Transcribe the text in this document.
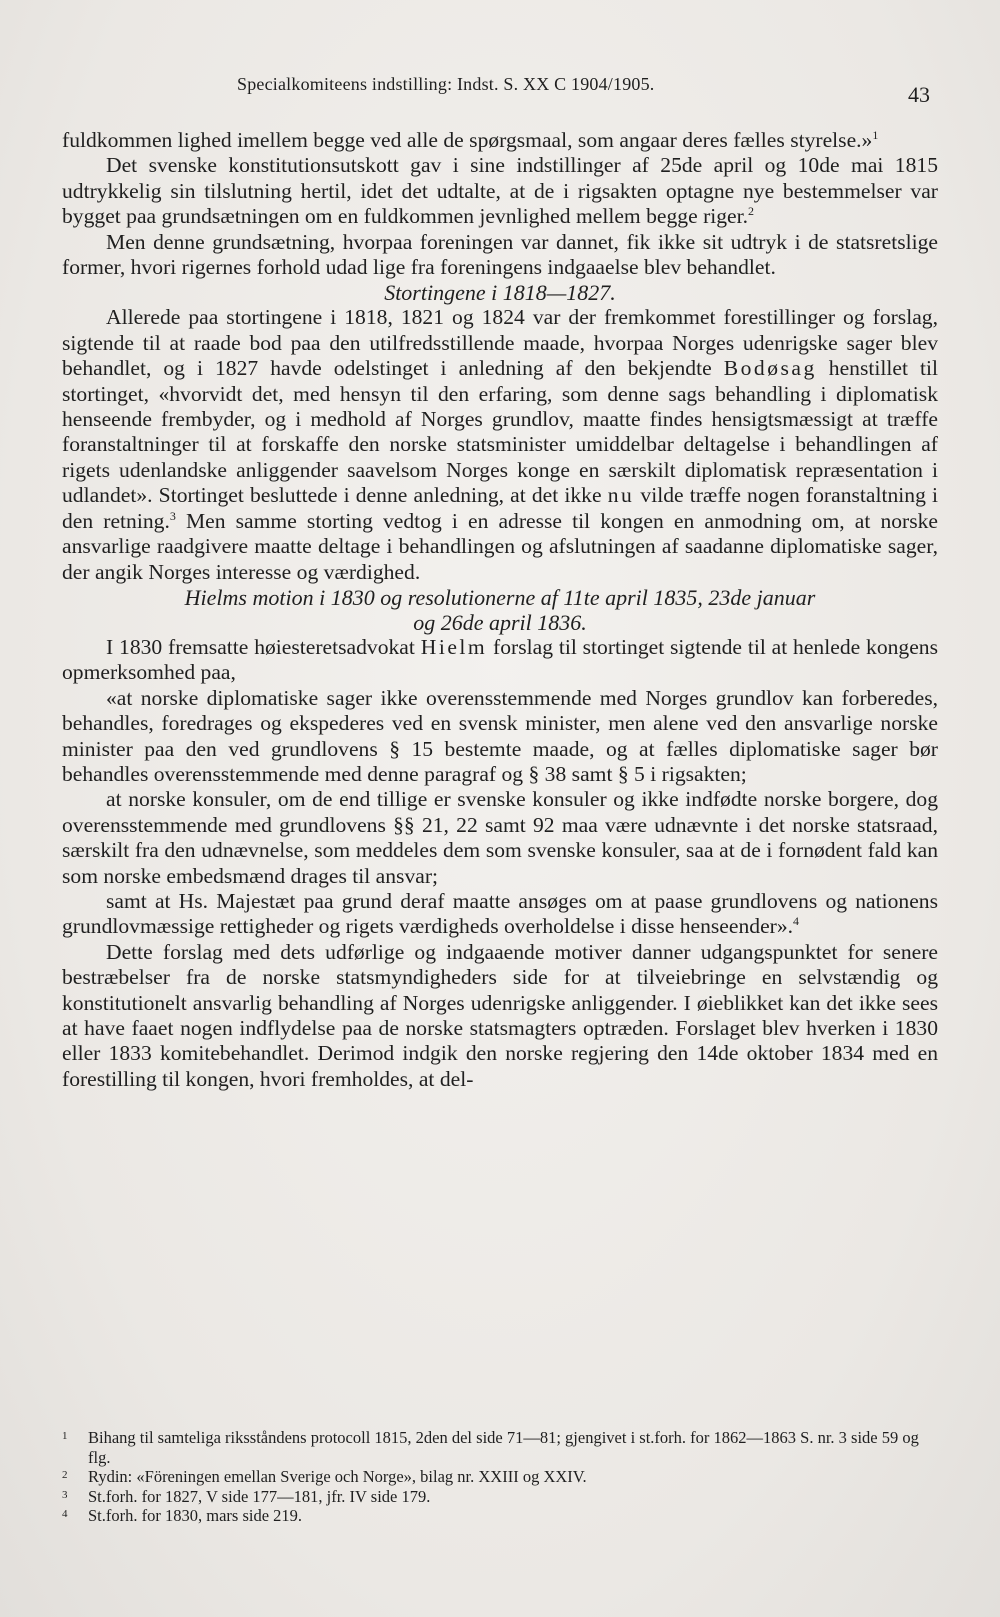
Specialkomiteens indstilling: Indst. S. XX C 1904/1905.	43

fuldkommen lighed imellem begge ved alle de spørgsmaal, som angaar deres fælles styrelse.»$^1$

Det svenske konstitutionsutskott gav i sine indstillinger af 25de april og 10de mai 1815 udtrykkelig sin tilslutning hertil, idet det udtalte, at de i rigsakten optagne nye bestemmelser var bygget paa grundsætningen om en fuldkommen jevnlighed mellem begge riger.$^2$

Men denne grundsætning, hvorpaa foreningen var dannet, fik ikke sit udtryk i de statsretslige former, hvori rigernes forhold udad lige fra foreningens indgaaelse blev behandlet.

Stortingene i 1818—1827.

Allerede paa stortingene i 1818, 1821 og 1824 var der fremkommet forestillinger og forslag, sigtende til at raade bod paa den utilfredsstillende maade, hvorpaa Norges udenrigske sager blev behandlet, og i 1827 havde odelstinget i anledning af den bekjendte Bodøsag henstillet til stortinget, «hvorvidt det, med hensyn til den erfaring, som denne sags behandling i diplomatisk henseende frembyder, og i medhold af Norges grundlov, maatte findes hensigtsmæssigt at træffe foranstaltninger til at forskaffe den norske statsminister umiddelbar deltagelse i behandlingen af rigets udenlandske anliggender saavelsom Norges konge en særskilt diplomatisk repræsentation i udlandet». Stortinget besluttede i denne anledning, at det ikke nu vilde træffe nogen foranstaltning i den retning.$^3$ Men samme storting vedtog i en adresse til kongen en anmodning om, at norske ansvarlige raadgivere maatte deltage i behandlingen og afslutningen af saadanne diplomatiske sager, der angik Norges interesse og værdighed.

Hielms motion i 1830 og resolutionerne af 11te april 1835, 23de januar
og 26de april 1836.

I 1830 fremsatte høiesteretsadvokat Hielm forslag til stortinget sigtende til at henlede kongens opmerksomhed paa,

«at norske diplomatiske sager ikke overensstemmende med Norges grundlov kan forberedes, behandles, foredrages og ekspederes ved en svensk minister, men alene ved den ansvarlige norske minister paa den ved grundlovens § 15 bestemte maade, og at fælles diplomatiske sager bør behandles overensstemmende med denne paragraf og § 38 samt § 5 i rigsakten;

at norske konsuler, om de end tillige er svenske konsuler og ikke indfødte norske borgere, dog overensstemmende med grundlovens §§ 21, 22 samt 92 maa være udnævnte i det norske statsraad, særskilt fra den udnævnelse, som meddeles dem som svenske konsuler, saa at de i fornødent fald kan som norske embedsmænd drages til ansvar;

samt at Hs. Majestæt paa grund deraf maatte ansøges om at paase grundlovens og nationens grundlovmæssige rettigheder og rigets værdigheds overholdelse i disse henseender».$^4$

Dette forslag med dets udførlige og indgaaende motiver danner udgangspunktet for senere bestræbelser fra de norske statsmyndigheders side for at tilveiebringe en selvstændig og konstitutionelt ansvarlig behandling af Norges udenrigske anliggender. I øieblikket kan det ikke sees at have faaet nogen indflydelse paa de norske statsmagters optræden. Forslaget blev hverken i 1830 eller 1833 komitebehandlet. Derimod indgik den norske regjering den 14de oktober 1834 med en forestilling til kongen, hvori fremholdes, at del-

1	Bihang til samteliga riksståndens protocoll 1815, 2den del side 71—81; gjengivet i st.forh. for 1862—1863 S. nr. 3 side 59 og flg.
2	Rydin: «Föreningen emellan Sverige och Norge», bilag nr. XXIII og XXIV.
3	St.forh. for 1827, V side 177—181, jfr. IV side 179.
4	St.forh. for 1830, mars side 219.
